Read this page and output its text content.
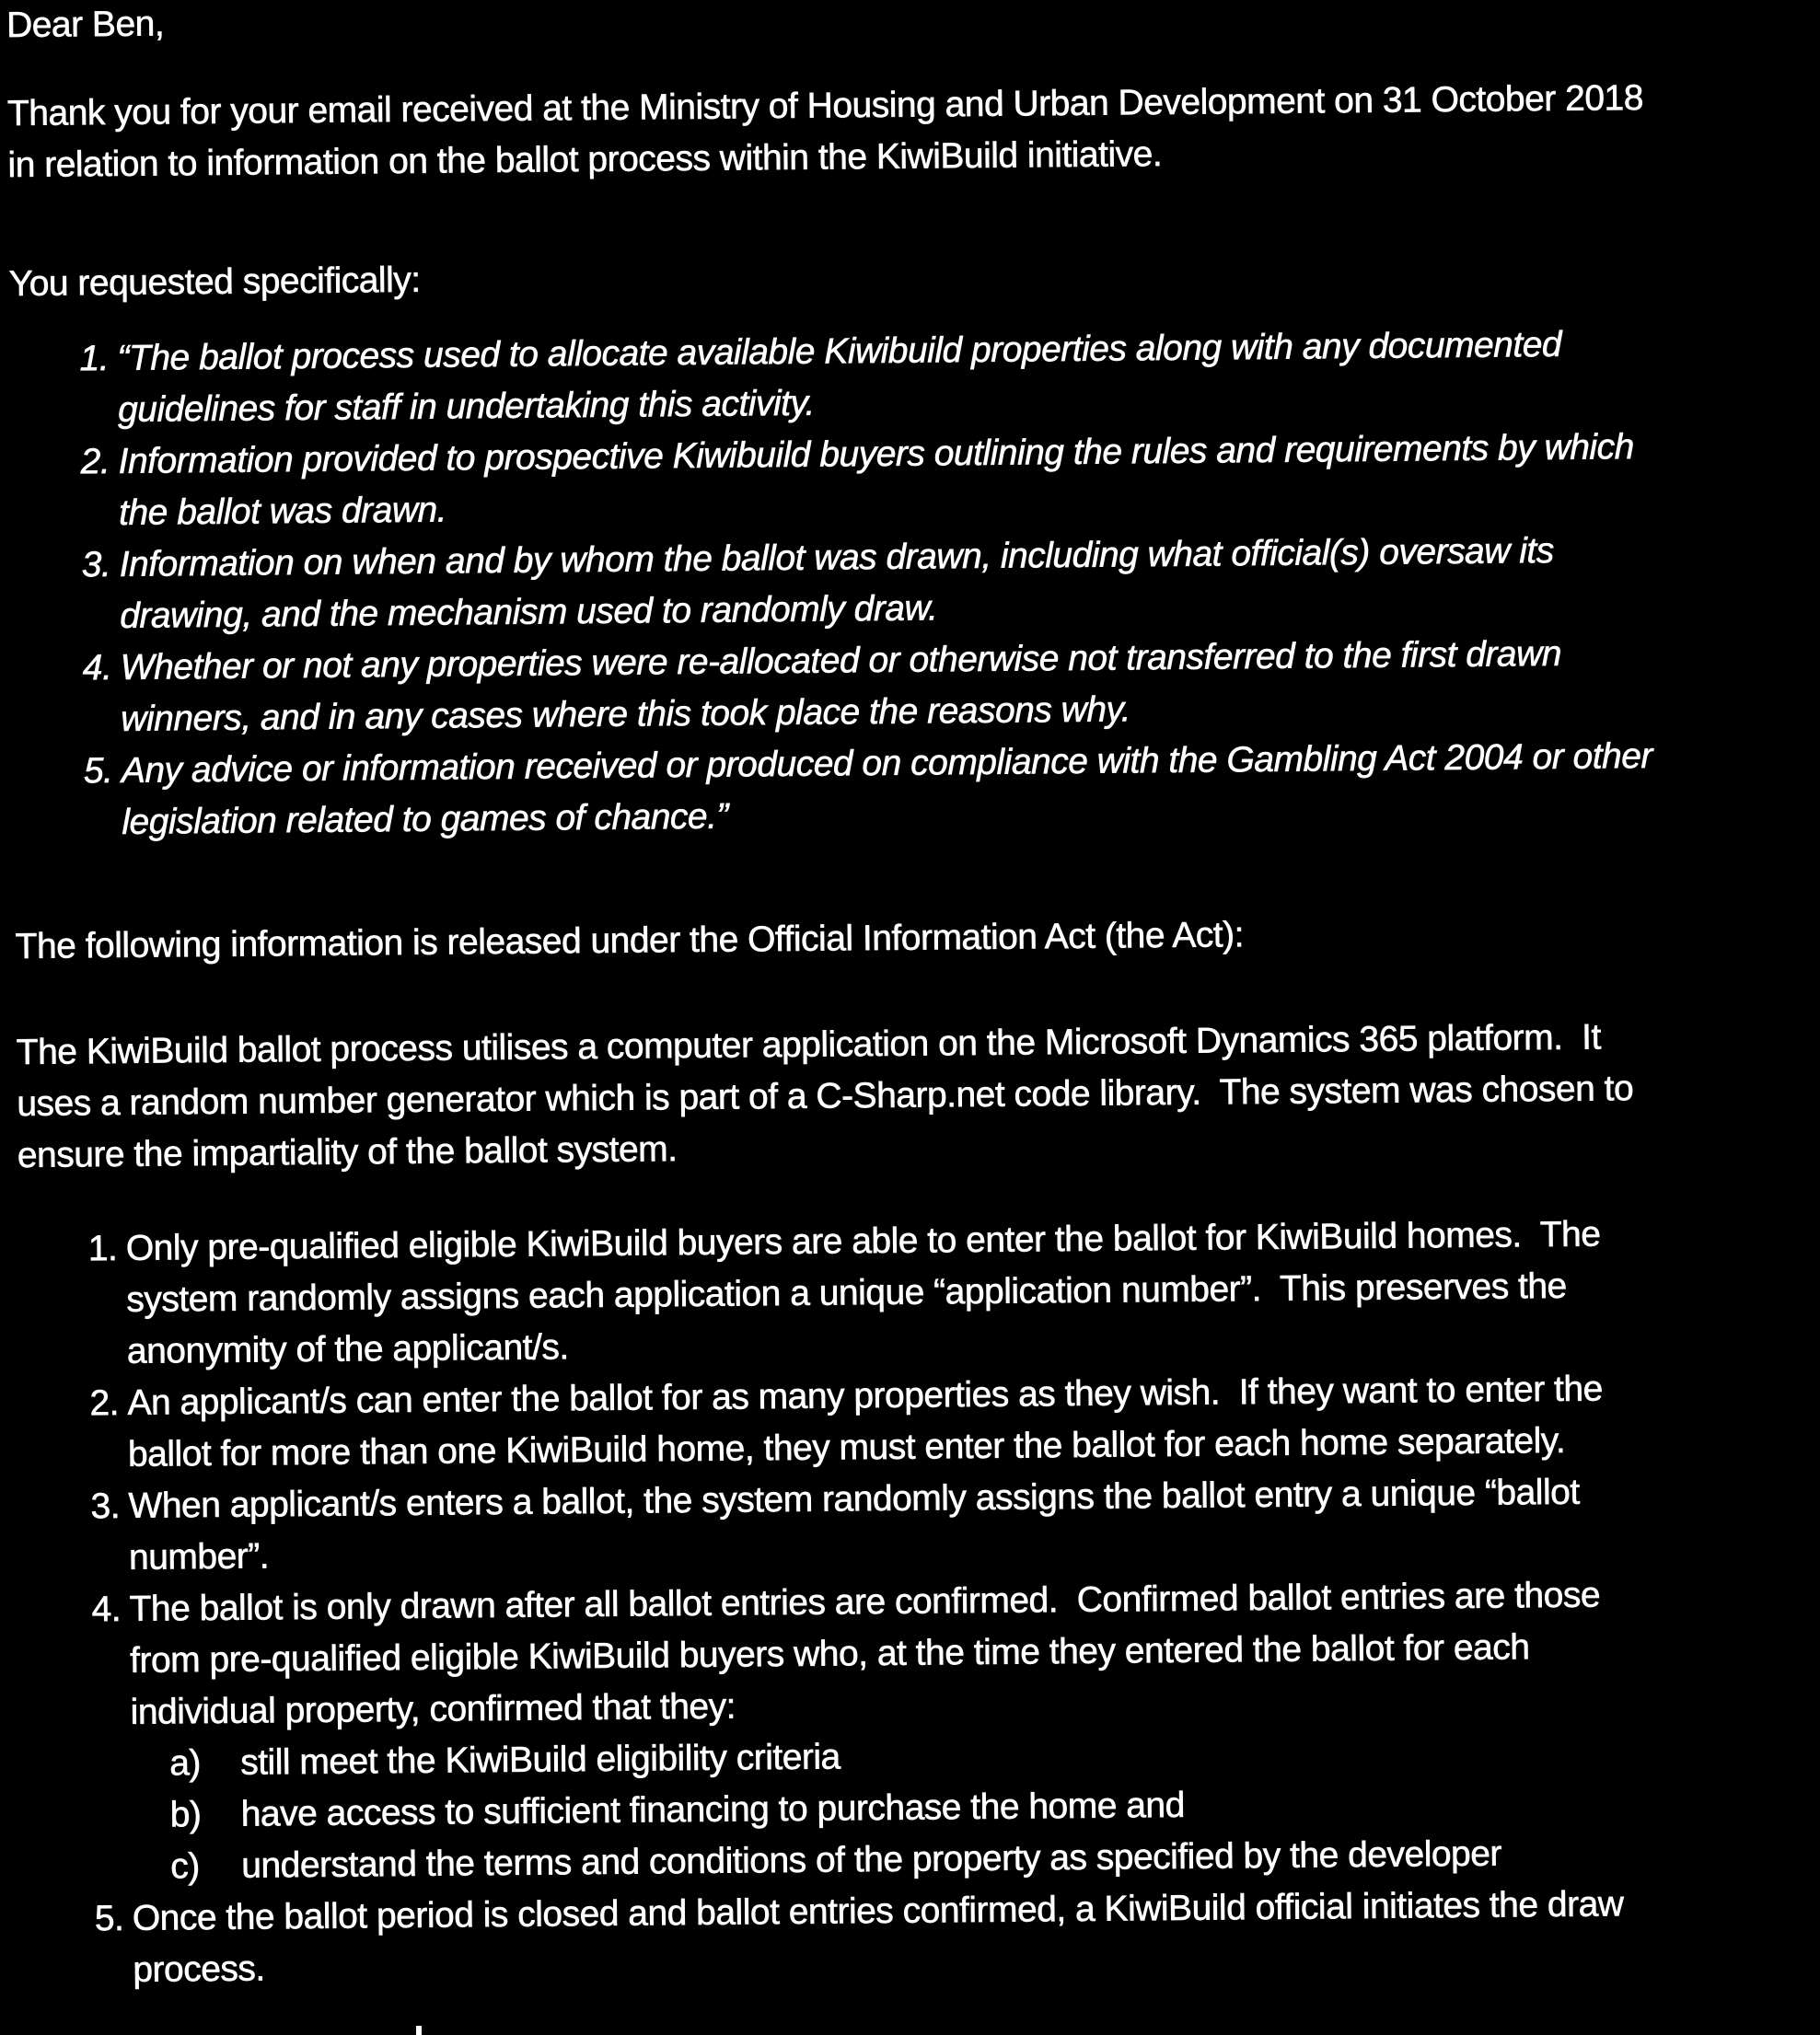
Dear Ben,
Thank you for your email received at the Ministry of Housing and Urban Development on 31 October 2018
in relation to information on the ballot process within the KiwiBuild initiative.
You requested specifically:
1. “The ballot process used to allocate available Kiwibuild properties along with any documented
guidelines for staff in undertaking this activity.
2. Information provided to prospective Kiwibuild buyers outlining the rules and requirements by which
the ballot was drawn.
3. Information on when and by whom the ballot was drawn, including what official(s) oversaw its
drawing, and the mechanism used to randomly draw.
4. Whether or not any properties were re-allocated or otherwise not transferred to the first drawn
winners, and in any cases where this took place the reasons why.
5. Any advice or information received or produced on compliance with the Gambling Act 2004 or other
legislation related to games of chance.”
The following information is released under the Official Information Act (the Act):
The KiwiBuild ballot process utilises a computer application on the Microsoft Dynamics 365 platform.  It
uses a random number generator which is part of a C-Sharp.net code library.  The system was chosen to
ensure the impartiality of the ballot system.
1. Only pre-qualified eligible KiwiBuild buyers are able to enter the ballot for KiwiBuild homes.  The
system randomly assigns each application a unique “application number”.  This preserves the
anonymity of the applicant/s.
2. An applicant/s can enter the ballot for as many properties as they wish.  If they want to enter the
ballot for more than one KiwiBuild home, they must enter the ballot for each home separately.
3. When applicant/s enters a ballot, the system randomly assigns the ballot entry a unique “ballot
number”.
4. The ballot is only drawn after all ballot entries are confirmed.  Confirmed ballot entries are those
from pre-qualified eligible KiwiBuild buyers who, at the time they entered the ballot for each
individual property, confirmed that they:
a) still meet the KiwiBuild eligibility criteria
b) have access to sufficient financing to purchase the home and
c) understand the terms and conditions of the property as specified by the developer
5. Once the ballot period is closed and ballot entries confirmed, a KiwiBuild official initiates the draw
process.
